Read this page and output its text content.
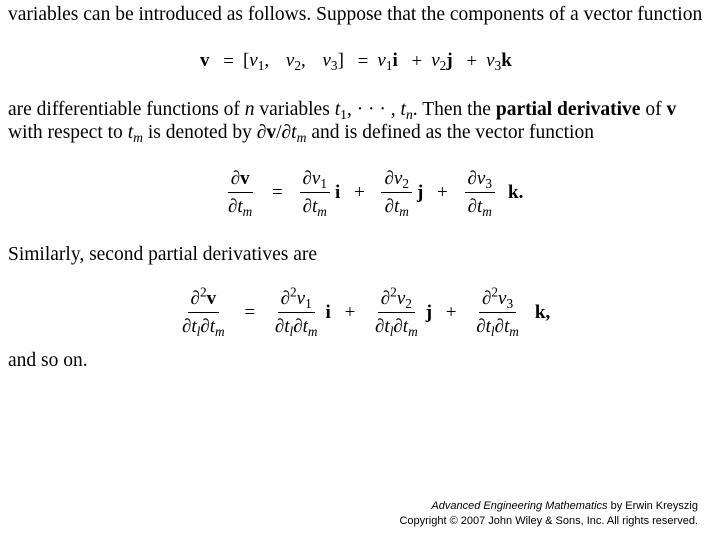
variables can be introduced as follows. Suppose that the components of a vector function
$v = [v_1$, $v_2$, $v_3] = v_1i + v_2j + v_3k$
are differentiable functions of n variables $t_1$, · · · , $t_n$. Then the partial derivative of v
with respect to $t_m$ is denoted by $\partial v/\partial t_m$ and is defined as the vector function
$\frac{\partial v}{\partial t_m} = \frac{\partial v_1}{\partial t_m}$ $i + \frac{\partial v_2}{\partial t_m}$ $j + \frac{\partial v_3}{\partial t_m} k$.
Similarly, second partial derivatives are
$\frac{\partial^2v}{\partial t_l\partial t_m} = \frac{\partial^2v_1}{\partial t_l\partial t_m}$ $i + \frac{\partial^2v_2}{\partial t_l\partial t_m}$ $j + \frac{\partial^2v_3}{\partial t_l\partial t_m} k$,
and so on.
Advanced Engineering Mathematics by Erwin Kreyszig
Copyright © 2007 John Wiley & Sons, Inc. All rights reserved.
